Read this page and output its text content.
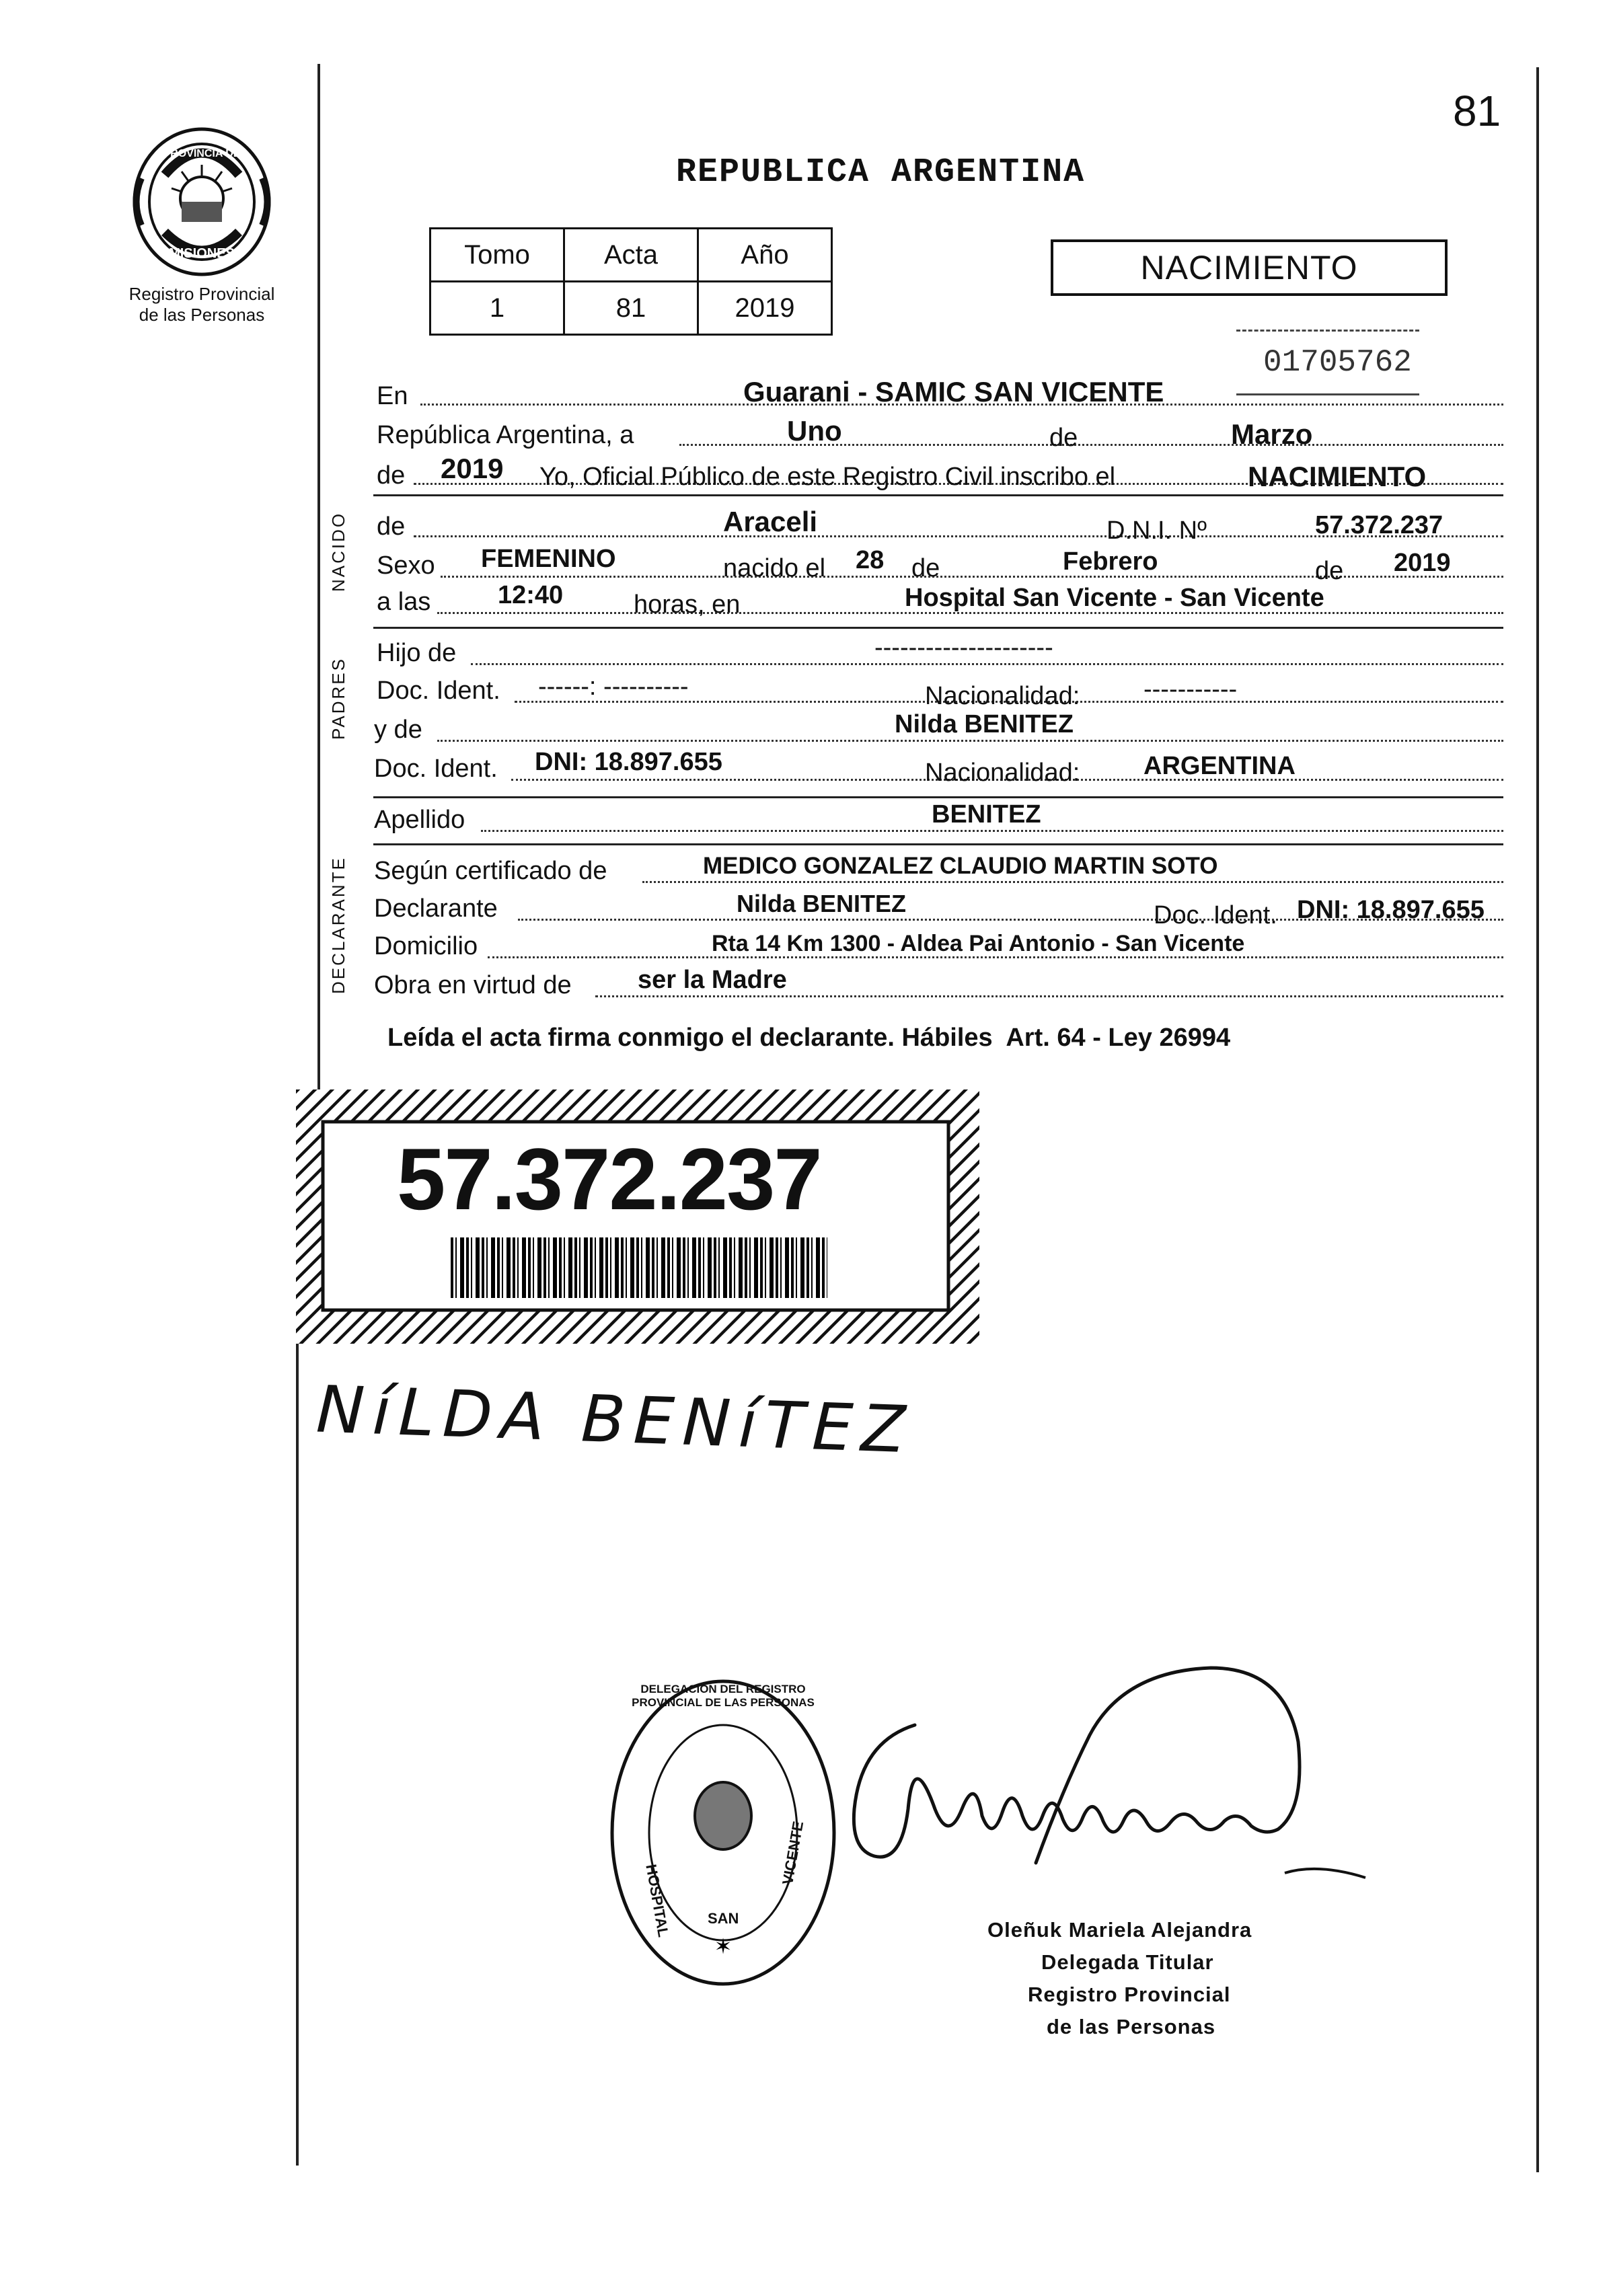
PROVINCIA DE
MISIONES
Registro Provincial
de las Personas
81
REPUBLICA ARGENTINA
Tomo	Acta	Año
1	81	2019
NACIMIENTO
01705762
En	Guarani - SAMIC SAN VICENTE
República Argentina, a	Uno	de	Marzo
de 2019 Yo, Oficial Público de este Registro Civil inscribo el	NACIMIENTO
NACIDO de	Araceli	D.N.I. Nº	57.372.237
Sexo FEMENINO	nacido el 28 de	Febrero	de 2019
a las	12:40	horas, en	Hospital San Vicente - San Vicente
PADRES
Hijo de	---------------------
Doc. Ident. ------: ----------	Nacionalidad: -----------
y de	Nilda BENITEZ
Doc. Ident. DNI: 18.897.655	Nacionalidad: ARGENTINA
Apellido	BENITEZ
DECLARANTE Según certificado de	MEDICO GONZALEZ CLAUDIO MARTIN SOTO
Declarante	Nilda BENITEZ	Doc. Ident. DNI: 18.897.655
Domicilio	Rta 14 Km 1300 - Aldea Pai Antonio - San Vicente
Obra en virtud de	ser la Madre
Leída el acta firma conmigo el declarante. Hábiles  Art. 64 - Ley 26994
57.372.237
NíLDA BENíTEZ
✶
DELEGACION DEL REGISTRO PROVINCIAL DE LAS PERSONAS
HOSPITAL
VICENTE
SAN	Oleñuk Mariela Alejandra
Delegada Titular
Registro Provincial
de las Personas
